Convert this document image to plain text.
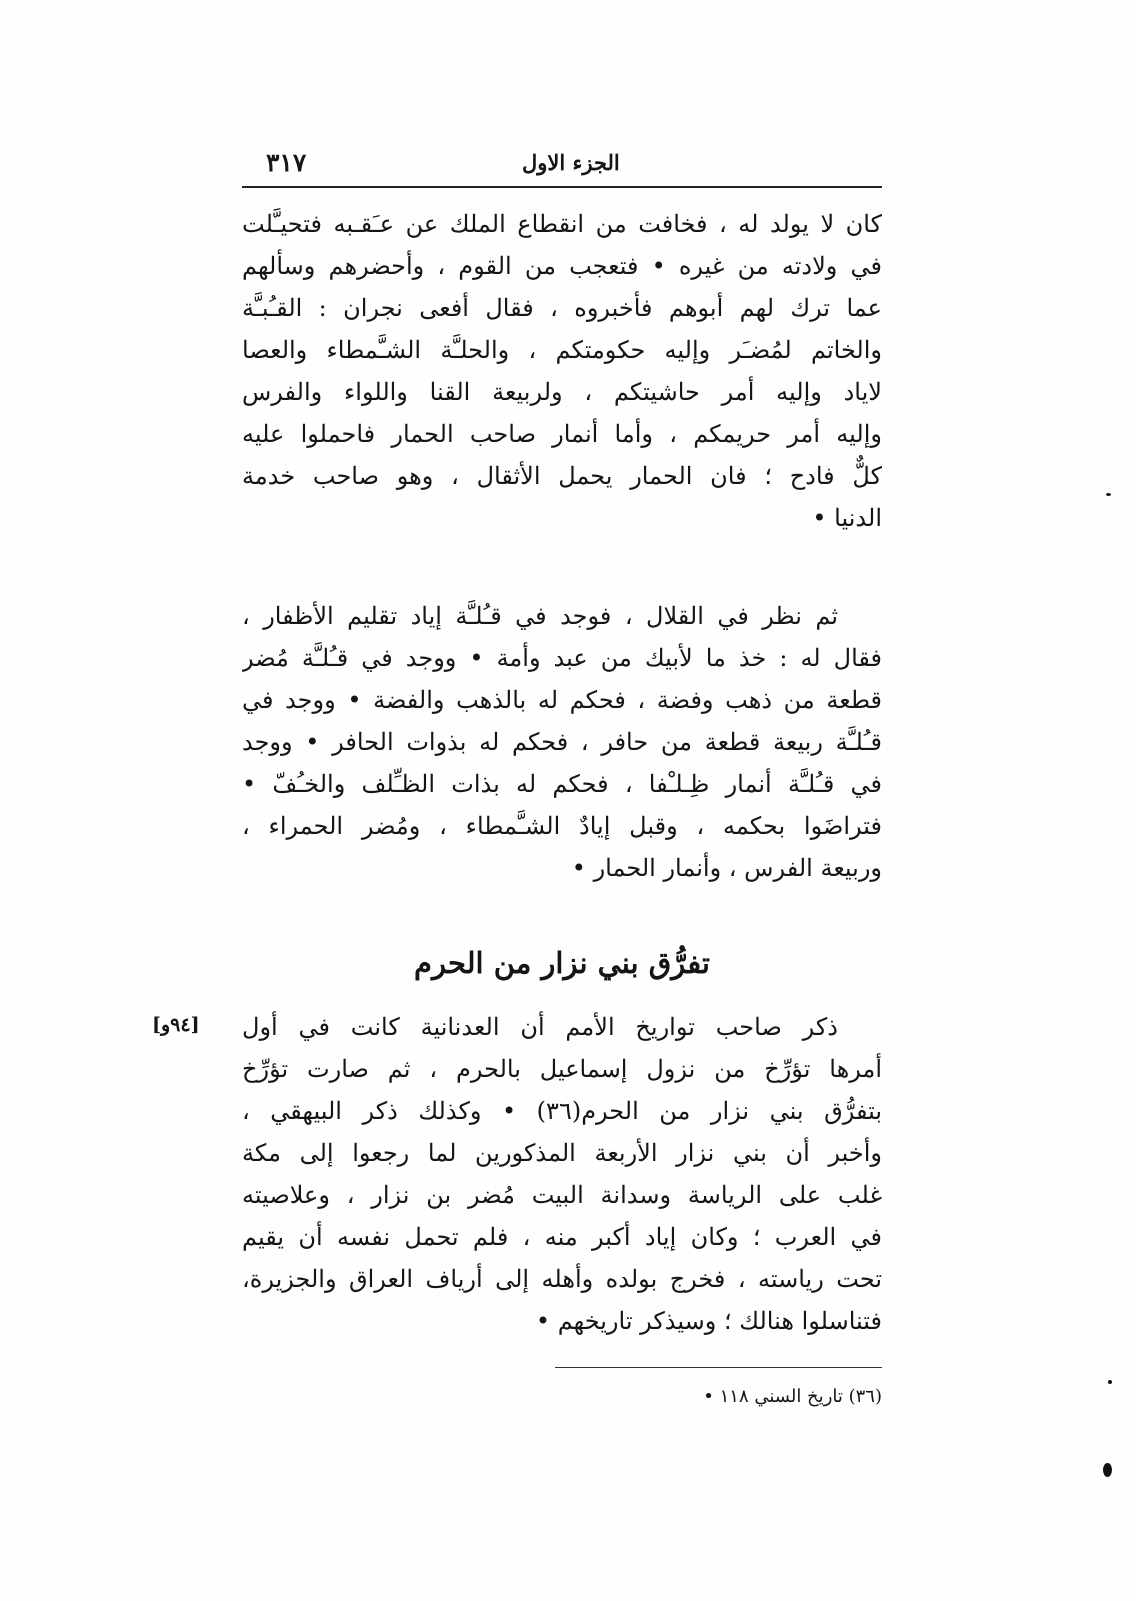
٣١٧	الجزء الاول
كان لا يولد له ، فخافت من انقطاع الملك عن عـَقـبه فتحيـَّلت
في ولادته من غيره • فتعجب من القوم ، وأحضرهم وسألهم
عما ترك لهم أبوهم فأخبروه ، فقال أفعى نجران : القـُبـَّة
والخاتم لمُضـَر وإليه حكومتكم ، والحلـَّة الشـَّمطاء والعصا
لاياد وإليه أمر حاشيتكم ، ولربيعة القنا واللواء والفرس
وإليه أمر حريمكم ، وأما أنمار صاحب الحمار فاحملوا عليه
كلٌّ فادح ؛ فان الحمار يحمل الأثقال ، وهو صاحب خدمة
الدنيا •
ثم نظر في القلال ، فوجد في قـُلـَّة إياد تقليم الأظفار ،
فقال له : خذ ما لأبيك من عبد وأمة • ووجد في قـُلـَّة مُضر
قطعة من ذهب وفضة ، فحكم له بالذهب والفضة • ووجد في
قـُلـَّة ربيعة قطعة من حافر ، فحكم له بذوات الحافر • ووجد
في قـُلـَّة أنمار ظِـلـْفا ، فحكم له بذات الظـِّلف والخـُفّ •
فتراضَوا بحكمه ، وقبل إيادٌ الشـَّمطاء ، ومُضر الحمراء ،
وربيعة الفرس ، وأنمار الحمار •
تفرُّق بني نزار من الحرم
[٩٤و] ذكر صاحب تواريخ الأمم أن العدنانية كانت في أول
أمرها تؤرِّخ من نزول إسماعيل بالحرم ، ثم صارت تؤرِّخ
بتفرُّق بني نزار من الحرم(٣٦) • وكذلك ذكر البيهقي ،
وأخبر أن بني نزار الأربعة المذكورين لما رجعوا إلى مكة
غلب على الرياسة وسدانة البيت مُضر بن نزار ، وعلاصيته
في العرب ؛ وكان إياد أكبر منه ، فلم تحمل نفسه أن يقيم
تحت رياسته ، فخرج بولده وأهله إلى أرياف العراق والجزيرة،
فتناسلوا هنالك ؛ وسيذكر تاريخهم •
(٣٦) تاريخ السني ١١٨ •
